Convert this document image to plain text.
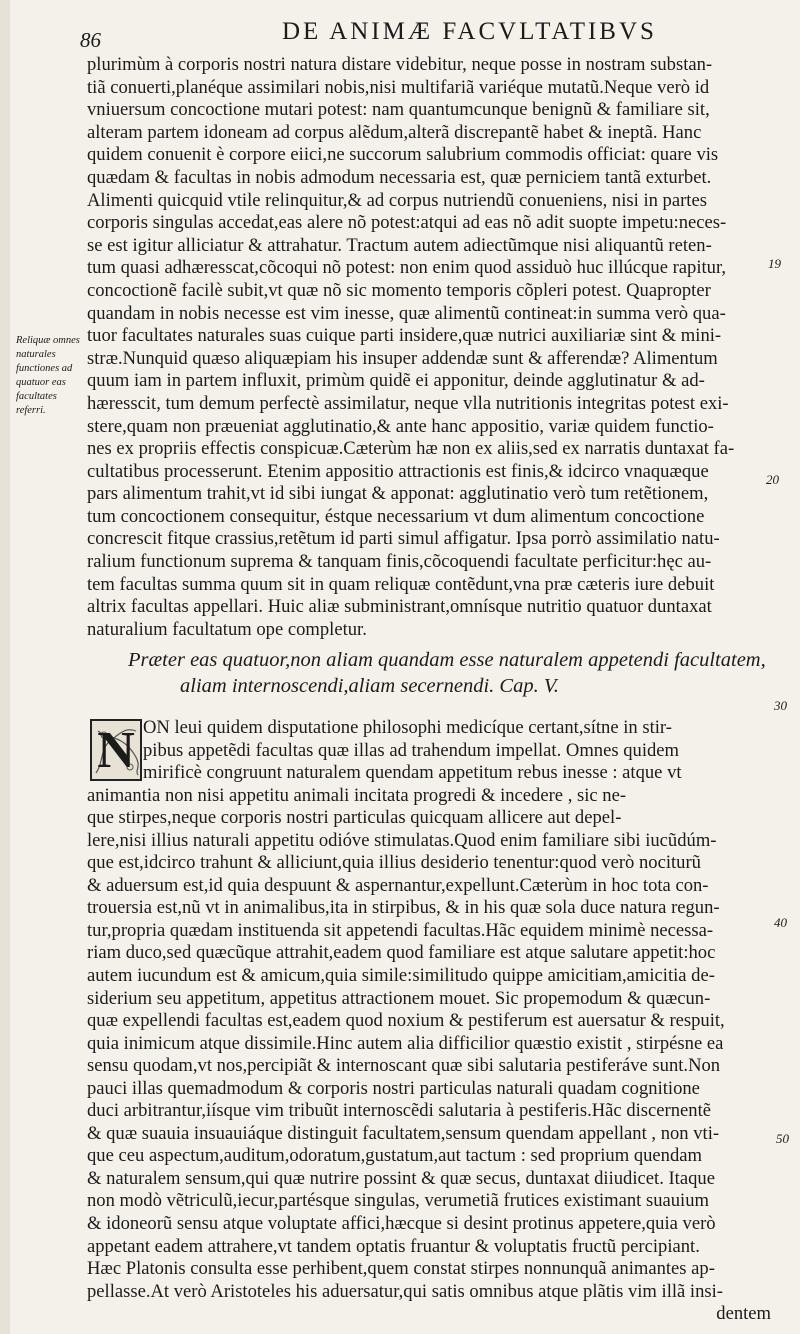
86	DE ANIMÆ FACVLTATIBVS
Reliquæ omnes naturales functiones ad quatuor eas facultates referri.
19
20
30
40
50
plurimùm à corporis nostri natura distare videbitur, neque posse in nostram substan-
tiã conuerti,planéque assimilari nobis,nisi multifariã variéque mutatũ.Neque verò id
vniuersum concoctione mutari potest: nam quantumcunque benignũ & familiare sit,
alteram partem idoneam ad corpus alẽdum,alterã discrepantẽ habet & ineptã. Hanc
quidem conuenit è corpore eiici,ne succorum salubrium commodis officiat: quare vis
quædam & facultas in nobis admodum necessaria est, quæ perniciem tantã exturbet.
Alimenti quicquid vtile relinquitur,& ad corpus nutriendũ conueniens, nisi in partes
corporis singulas accedat,eas alere nõ potest:atqui ad eas nõ adit suopte impetu:neces-
se est igitur alliciatur & attrahatur. Tractum autem adiectũmque nisi aliquantũ reten-
tum quasi adhæresscat,cõcoqui nõ potest: non enim quod assiduò huc illúcque rapitur,
concoctionẽ facilè subit,vt quæ nõ sic momento temporis cõpleri potest. Quapropter
quandam in nobis necesse est vim inesse, quæ alimentũ contineat:in summa verò qua-
tuor facultates naturales suas cuique parti insidere,quæ nutrici auxiliariæ sint & mini-
stræ.Nunquid quæso aliquæpiam his insuper addendæ sunt & afferendæ? Alimentum
quum iam in partem influxit, primùm quidẽ ei apponitur, deinde agglutinatur & ad-
hæresscit, tum demum perfectè assimilatur, neque vlla nutritionis integritas potest exi-
stere,quam non præueniat agglutinatio,& ante hanc appositio, variæ quidem functio-
nes ex propriis effectis conspicuæ.Cæterùm hæ non ex aliis,sed ex narratis duntaxat fa-
cultatibus processerunt. Etenim appositio attractionis est finis,& idcirco vnaquæque
pars alimentum trahit,vt id sibi iungat & apponat: agglutinatio verò tum retẽtionem,
tum concoctionem consequitur, éstque necessarium vt dum alimentum concoctione
concrescit fitque crassius,retẽtum id parti simul affigatur. Ipsa porrò assimilatio natu-
ralium functionum suprema & tanquam finis,cõcoquendi facultate perficitur:hęc au-
tem facultas summa quum sit in quam reliquæ contẽdunt,vna præ cæteris iure debuit
altrix facultas appellari. Huic aliæ subministrant,omnísque nutritio quatuor duntaxat
naturalium facultatum ope completur.
Præter eas quatuor,non aliam quandam esse naturalem appetendi facultatem,
aliam internoscendi,aliam secernendi. Cap. V.
N ON leui quidem disputatione philosophi medicíque certant,sítne in stir-
pibus appetẽdi facultas quæ illas ad trahendum impellat. Omnes quidem
mirificè congruunt naturalem quendam appetitum rebus inesse : atque vt
animantia non nisi appetitu animali incitata progredi & incedere , sic ne-
que stirpes,neque corporis nostri particulas quicquam allicere aut depel-
lere,nisi illius naturali appetitu odióve stimulatas.Quod enim familiare sibi iucũdúm-
que est,idcirco trahunt & alliciunt,quia illius desiderio tenentur:quod verò nociturũ
& aduersum est,id quia despuunt & aspernantur,expellunt.Cæterùm in hoc tota con-
trouersia est,nũ vt in animalibus,ita in stirpibus, & in his quæ sola duce natura regun-
tur,propria quædam instituenda sit appetendi facultas.Hãc equidem minimè necessa-
riam duco,sed quæcũque attrahit,eadem quod familiare est atque salutare appetit:hoc
autem iucundum est & amicum,quia simile:similitudo quippe amicitiam,amicitia de-
siderium seu appetitum, appetitus attractionem mouet. Sic propemodum & quæcun-
quæ expellendi facultas est,eadem quod noxium & pestiferum est auersatur & respuit,
quia inimicum atque dissimile.Hinc autem alia difficilior quæstio existit , stirpésne ea
sensu quodam,vt nos,percipiãt & internoscant quæ sibi salutaria pestiferáve sunt.Non
pauci illas quemadmodum & corporis nostri particulas naturali quadam cognitione
duci arbitrantur,iísque vim tribuũt internoscẽdi salutaria à pestiferis.Hãc discernentẽ
& quæ suauia insuauiáque distinguit facultatem,sensum quendam appellant , non vti-
que ceu aspectum,auditum,odoratum,gustatum,aut tactum : sed proprium quendam
& naturalem sensum,qui quæ nutrire possint & quæ secus, duntaxat diiudicet. Itaque
non modò vẽtriculũ,iecur,partésque singulas, verumetiã frutices existimant suauium
& idoneorũ sensu atque voluptate affici,hæcque si desint protinus appetere,quia verò
appetant eadem attrahere,vt tandem optatis fruantur & voluptatis fructũ percipiant.
Hæc Platonis consulta esse perhibent,quem constat stirpes nonnunquã animantes ap-
pellasse.At verò Aristoteles his aduersatur,qui satis omnibus atque plãtis vim illã insi-
dentem
